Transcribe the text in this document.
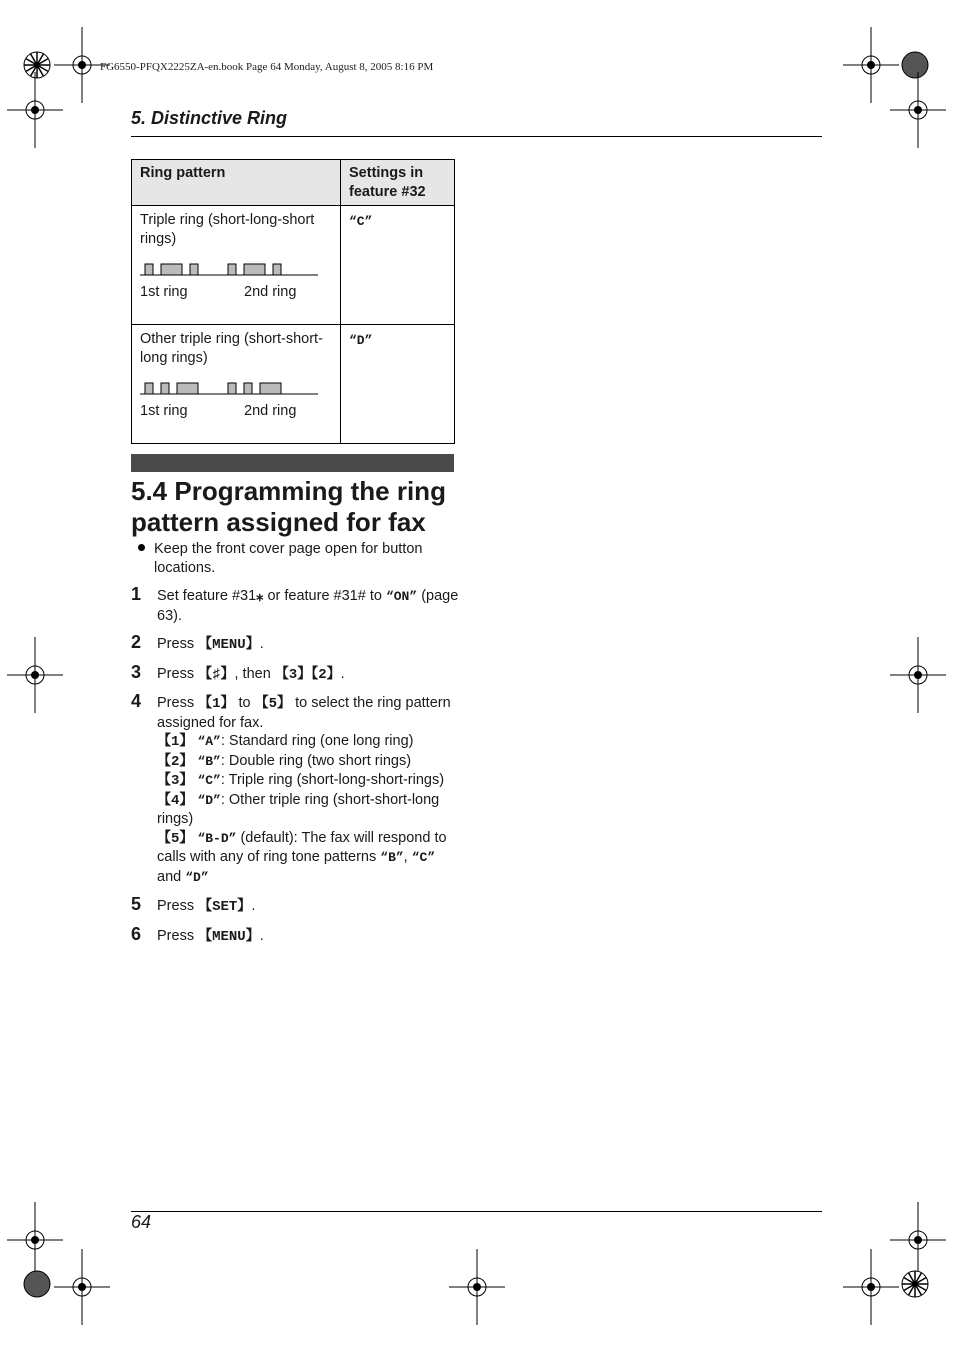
FG6550-PFQX2225ZA-en.book Page 64 Monday, August 8, 2005 8:16 PM
5. Distinctive Ring
Ring pattern	Settings in feature #32

Triple ring (short-long-short rings)
1st ring 2nd ring	“C”

Other triple ring (short-short-long rings)
1st ring 2nd ring	“D”
5.4 Programming the ring pattern assigned for fax
Keep the front cover page open for button locations.
1 Set feature #31⁎ or feature #31# to “ON” (page 63).
2 Press 【MENU】.
3 Press 【♯】, then 【3】【2】.
4 Press 【1】 to 【5】 to select the ring pattern assigned for fax.
【1】 “A”: Standard ring (one long ring)
【2】 “B”: Double ring (two short rings)
【3】 “C”: Triple ring (short-long-short-rings)
【4】 “D”: Other triple ring (short-short-long rings)
【5】 “B-D” (default): The fax will respond to calls with any of ring tone patterns “B”, “C” and “D”
5 Press 【SET】.
6 Press 【MENU】.
64
